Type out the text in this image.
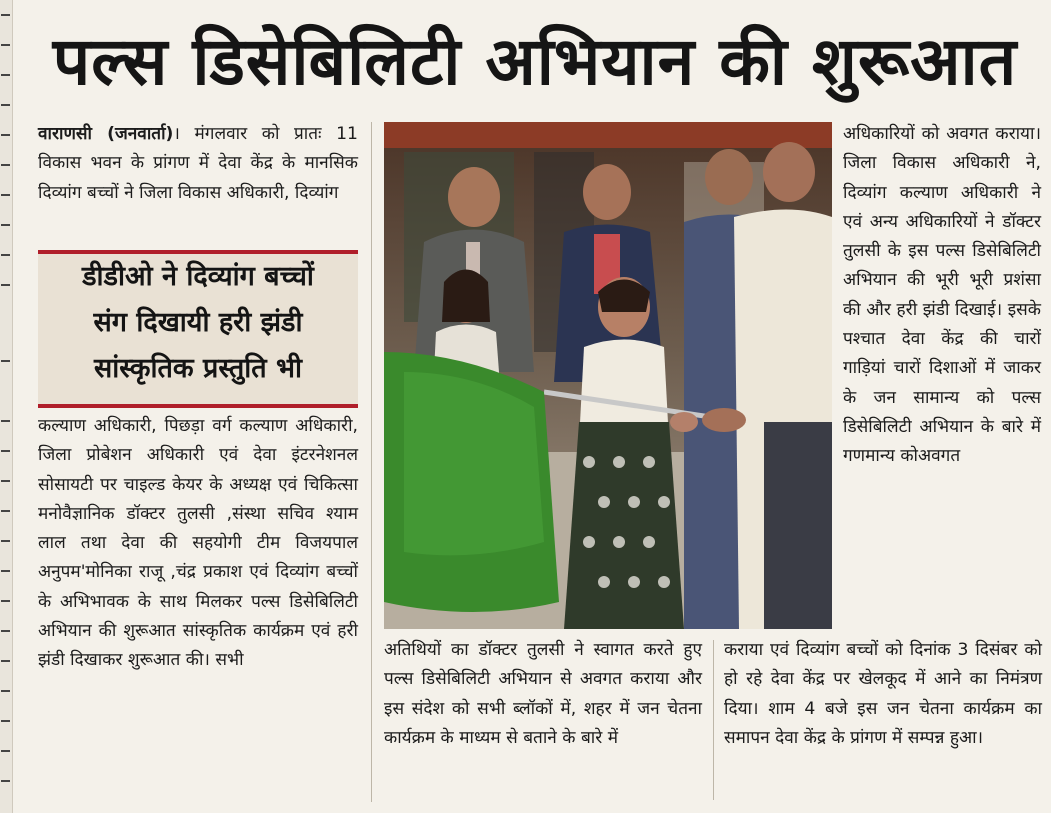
पल्स डिसेबिलिटी अभियान की शुरूआत
वाराणसी (जनवार्ता)। मंगलवार को प्रातः 11 विकास भवन के प्रांगण में देवा केंद्र के मानसिक दिव्यांग बच्चों ने जिला विकास अधिकारी, दिव्यांग
डीडीओ ने दिव्यांग बच्चों
संग दिखायी हरी झंडी
सांस्कृतिक प्रस्तुति भी
कल्याण अधिकारी, पिछड़ा वर्ग कल्याण अधिकारी, जिला प्रोबेशन अधिकारी एवं देवा इंटरनेशनल सोसायटी पर चाइल्ड केयर के अध्यक्ष एवं चिकित्सा मनोवैज्ञानिक डॉक्टर तुलसी ,संस्था सचिव श्याम लाल तथा देवा की सहयोगी टीम विजयपाल अनुपम'मोनिका राजू ,चंद्र प्रकाश एवं दिव्यांग बच्चों के अभिभावक के साथ मिलकर पल्स डिसेबिलिटी अभियान की शुरूआत सांस्कृतिक कार्यक्रम एवं हरी झंडी दिखाकर शुरूआत की। सभी
अधिकारियों को अवगत कराया। जिला विकास अधिकारी ने, दिव्यांग कल्याण अधिकारी ने एवं अन्य अधिकारियों ने डॉक्टर तुलसी के इस पल्स डिसेबिलिटी अभियान की भूरी भूरी प्रशंसा की और हरी झंडी दिखाई। इसके पश्चात देवा केंद्र की चारों गाड़ियां चारों दिशाओं में जाकर के जन सामान्य को पल्स डिसेबिलिटी अभियान के बारे में गणमान्य कोअवगत
अतिथियों का डॉक्टर तुलसी ने स्वागत करते हुए पल्स डिसेबिलिटी अभियान से अवगत कराया और इस संदेश को सभी ब्लॉकों में, शहर में जन चेतना कार्यक्रम के माध्यम से बताने के बारे में
कराया एवं दिव्यांग बच्चों को दिनांक 3 दिसंबर को हो रहे देवा केंद्र पर खेलकूद में आने का निमंत्रण दिया। शाम 4 बजे इस जन चेतना कार्यक्रम का समापन देवा केंद्र के प्रांगण में सम्पन्न हुआ।
